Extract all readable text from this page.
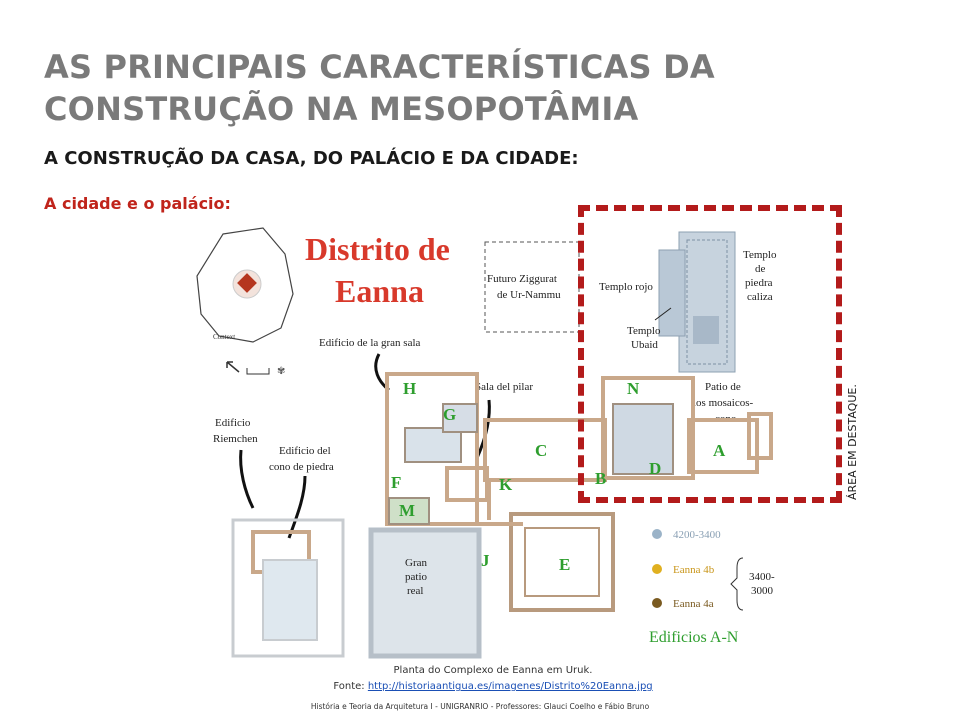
AS PRINCIPAIS CARACTERÍSTICAS DA
CONSTRUÇÃO NA MESOPOTÂMIA
A CONSTRUÇÃO DA CASA, DO PALÁCIO E DA CIDADE:
A cidade e o palácio:
Distrito de
Eanna
Context
✾
Futuro Ziggurat
de Ur-Nammu
Templo rojo
Templo
de
piedra
caliza
Templo
Ubaid
Edificio de la gran sala
Sala del pilar	Patio de
los mosaicos-
cono
Edificio
Riemchen
Edificio del
cono de piedra
Gran
patio
real
H
G
C
F	K
M
J	E
N
A
B
D
4200-3400
Eanna 4b
Eanna 4a
3400-
3000
Edificios A-N
ÁREA EM DESTAQUE.
Planta do Complexo de Eanna em Uruk.
Fonte: http://historiaantigua.es/imagenes/Distrito%20Eanna.jpg
História e Teoria da Arquitetura I - UNIGRANRIO - Professores: Glauci Coelho e Fábio Bruno
